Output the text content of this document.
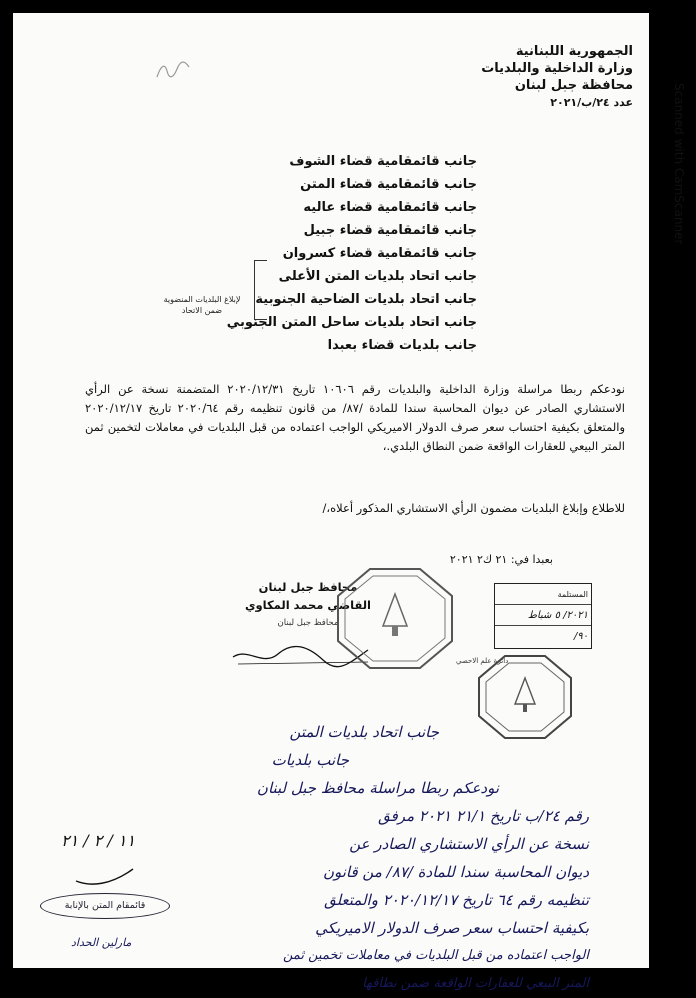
الجمهورية اللبنانية
وزارة الداخلية والبلديات
محافظة جبل لبنان
عدد ٢٤/ب/٢٠٢١
جانب قائمقامية قضاء الشوف
جانب قائمقامية قضاء المتن
جانب قائمقامية قضاء عاليه
جانب قائمقامية قضاء جبيل
جانب قائمقامية قضاء كسروان
جانب اتحاد بلديات المتن الأعلى
جانب اتحاد بلديات الضاحية الجنوبية
جانب اتحاد بلديات ساحل المتن الجنوبي
جانب بلديات قضاء بعبدا
لإبلاغ البلديات المنضوية
ضمن الاتحاد
نودعكم ربطا مراسلة وزارة الداخلية والبلديات رقم ١٠٦٠٦ تاريخ ٢٠٢٠/١٢/٣١ المتضمنة نسخة عن الرأي الاستشاري الصادر عن ديوان المحاسبة سندا للمادة /٨٧/ من قانون تنظيمه رقم ٢٠٢٠/٦٤ تاريخ ٢٠٢٠/١٢/١٧ والمتعلق بكيفية احتساب سعر صرف الدولار الاميريكي الواجب اعتماده من قبل البلديات في معاملات لتخمين ثمن المتر البيعي للعقارات الواقعة ضمن النطاق البلدي.،
للاطلاع وإبلاغ البلديات مضمون الرأي الاستشاري المذكور أعلاه،/
بعبدا في: ٢١ ك٢ ٢٠٢١
محافظ جبل لبنان
القاضي محمد المكاوي
محافظ جبل لبنان
المستلمة
٢٠٢١/ ٥ شباط
٩٠/
دائرة علم الاحصي
Scanned with CamScanner
جانب اتحاد بلديات المتن
جانب بلديات
نودعكم ربطا مراسلة محافظ جبل لبنان
رقم ٢٤/ب تاريخ ٢١/١ ٢٠٢١ مرفق
نسخة عن الرأي الاستشاري الصادر عن
ديوان المحاسبة سندا للمادة /٨٧/ من قانون
تنظيمه رقم ٦٤ تاريخ ٢٠٢٠/١٢/١٧ والمتعلق
بكيفية احتساب سعر صرف الدولار الاميريكي
الواجب اعتماده من قبل البلديات في معاملات تخمين ثمن
المتر البيعي للعقارات الواقعة ضمن نطاقها
١١ / ٢ / ٢١
قائمقام المتن بالإنابة
مارلين الحداد
